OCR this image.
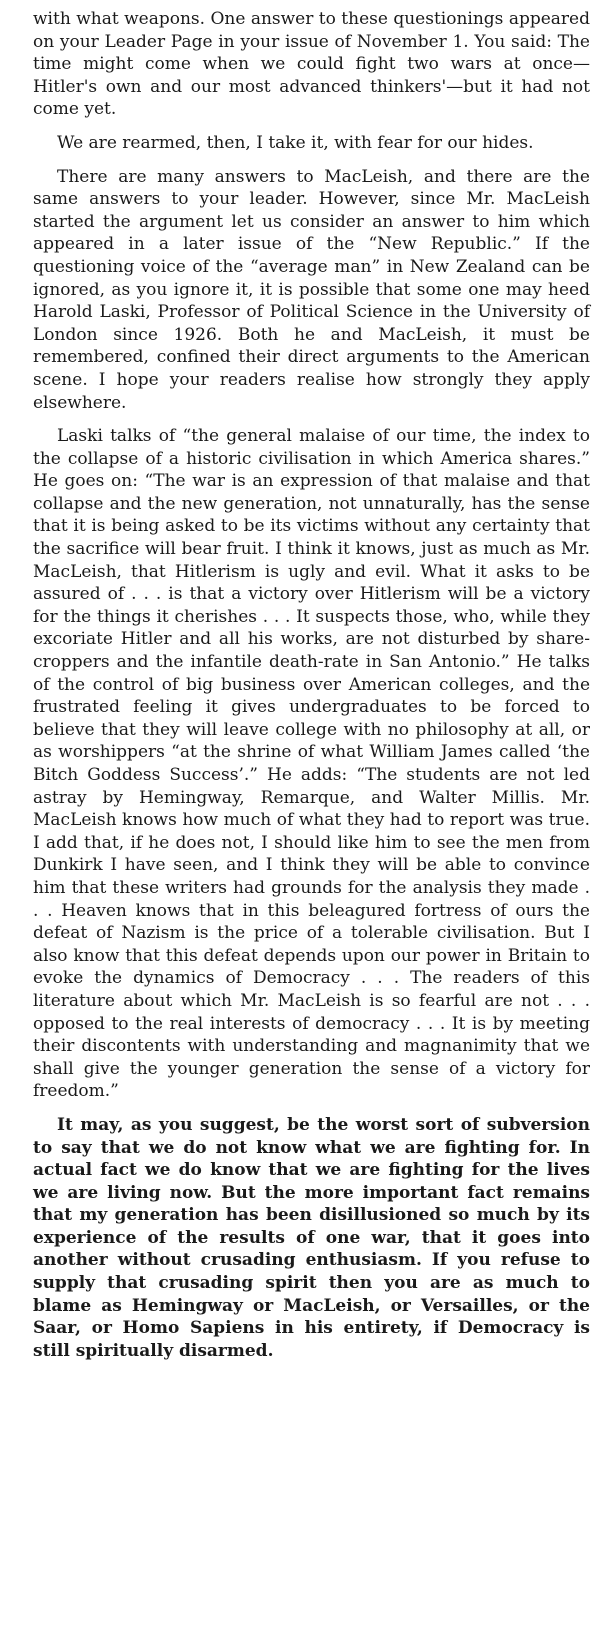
with what weapons. One answer to these questionings appeared on your Leader Page in your issue of November 1. You said: The time might come when we could fight two wars at once—Hitler's own and our most advanced thinkers'—but it had not come yet.

We are rearmed, then, I take it, with fear for our hides.

There are many answers to MacLeish, and there are the same answers to your leader. However, since Mr. MacLeish started the argument let us consider an answer to him which appeared in a later issue of the “New Republic.” If the questioning voice of the “average man” in New Zealand can be ignored, as you ignore it, it is possible that some one may heed Harold Laski, Professor of Political Science in the University of London since 1926. Both he and MacLeish, it must be remembered, confined their direct arguments to the American scene. I hope your readers realise how strongly they apply elsewhere.

Laski talks of “the general malaise of our time, the index to the collapse of a historic civilisation in which America shares.” He goes on: “The war is an expression of that malaise and that collapse and the new generation, not unnaturally, has the sense that it is being asked to be its victims without any certainty that the sacrifice will bear fruit. I think it knows, just as much as Mr. MacLeish, that Hitlerism is ugly and evil. What it asks to be assured of . . . is that a victory over Hitlerism will be a victory for the things it cherishes . . . It suspects those, who, while they excoriate Hitler and all his works, are not disturbed by share-croppers and the infantile death-rate in San Antonio.” He talks of the control of big business over American colleges, and the frustrated feeling it gives undergraduates to be forced to believe that they will leave college with no philosophy at all, or as worshippers “at the shrine of what William James called ‘the Bitch Goddess Success’.” He adds: “The students are not led astray by Hemingway, Remarque, and Walter Millis. Mr. MacLeish knows how much of what they had to report was true. I add that, if he does not, I should like him to see the men from Dunkirk I have seen, and I think they will be able to convince him that these writers had grounds for the analysis they made . . . Heaven knows that in this beleagured fortress of ours the defeat of Nazism is the price of a tolerable civilisation. But I also know that this defeat depends upon our power in Britain to evoke the dynamics of Democracy . . . The readers of this literature about which Mr. MacLeish is so fearful are not . . . opposed to the real interests of democracy . . . It is by meeting their discontents with understanding and magnanimity that we shall give the younger generation the sense of a victory for freedom.”

It may, as you suggest, be the worst sort of subversion to say that we do not know what we are fighting for. In actual fact we do know that we are fighting for the lives we are living now. But the more important fact remains that my generation has been disillusioned so much by its experience of the results of one war, that it goes into another without crusading enthusiasm. If you refuse to supply that crusading spirit then you are as much to blame as Hemingway or MacLeish, or Versailles, or the Saar, or Homo Sapiens in his entirety, if Democracy is still spiritually disarmed.
